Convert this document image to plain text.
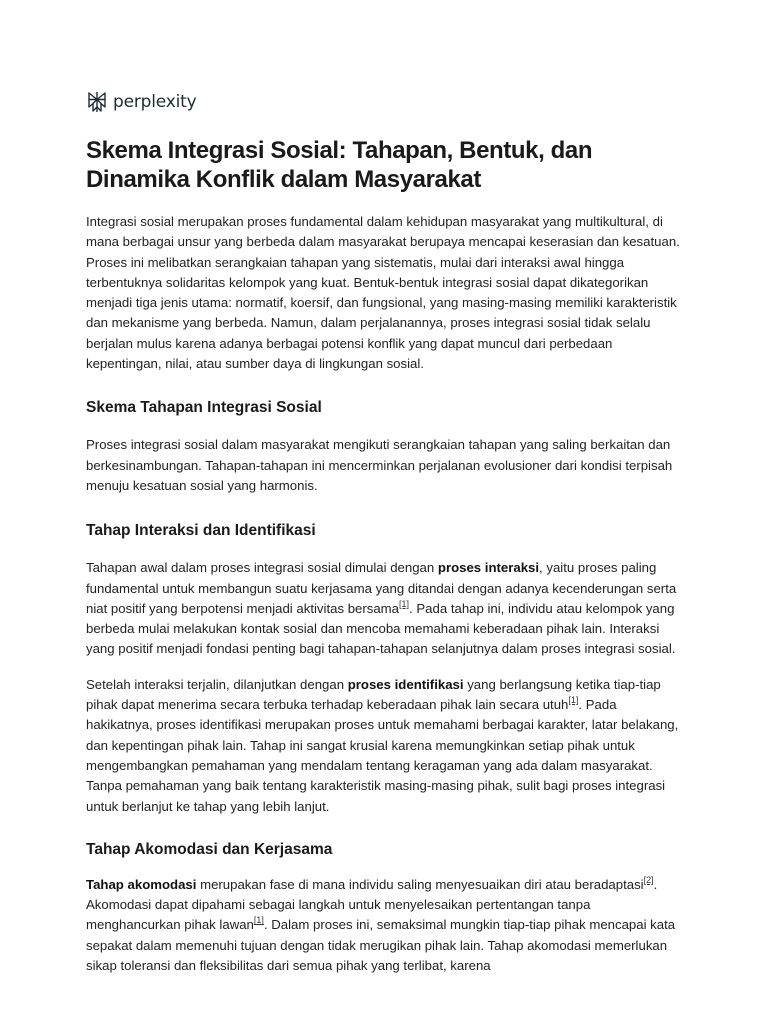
perplexity
Skema Integrasi Sosial: Tahapan, Bentuk, dan Dinamika Konflik dalam Masyarakat

Integrasi sosial merupakan proses fundamental dalam kehidupan masyarakat yang multikultural, di mana berbagai unsur yang berbeda dalam masyarakat berupaya mencapai keserasian dan kesatuan. Proses ini melibatkan serangkaian tahapan yang sistematis, mulai dari interaksi awal hingga terbentuknya solidaritas kelompok yang kuat. Bentuk-bentuk integrasi sosial dapat dikategorikan menjadi tiga jenis utama: normatif, koersif, dan fungsional, yang masing-masing memiliki karakteristik dan mekanisme yang berbeda. Namun, dalam perjalanannya, proses integrasi sosial tidak selalu berjalan mulus karena adanya berbagai potensi konflik yang dapat muncul dari perbedaan kepentingan, nilai, atau sumber daya di lingkungan sosial.

Skema Tahapan Integrasi Sosial

Proses integrasi sosial dalam masyarakat mengikuti serangkaian tahapan yang saling berkaitan dan berkesinambungan. Tahapan-tahapan ini mencerminkan perjalanan evolusioner dari kondisi terpisah menuju kesatuan sosial yang harmonis.

Tahap Interaksi dan Identifikasi

Tahapan awal dalam proses integrasi sosial dimulai dengan proses interaksi, yaitu proses paling fundamental untuk membangun suatu kerjasama yang ditandai dengan adanya kecenderungan serta niat positif yang berpotensi menjadi aktivitas bersama[1]. Pada tahap ini, individu atau kelompok yang berbeda mulai melakukan kontak sosial dan mencoba memahami keberadaan pihak lain. Interaksi yang positif menjadi fondasi penting bagi tahapan-tahapan selanjutnya dalam proses integrasi sosial.

Setelah interaksi terjalin, dilanjutkan dengan proses identifikasi yang berlangsung ketika tiap-tiap pihak dapat menerima secara terbuka terhadap keberadaan pihak lain secara utuh[1]. Pada hakikatnya, proses identifikasi merupakan proses untuk memahami berbagai karakter, latar belakang, dan kepentingan pihak lain. Tahap ini sangat krusial karena memungkinkan setiap pihak untuk mengembangkan pemahaman yang mendalam tentang keragaman yang ada dalam masyarakat. Tanpa pemahaman yang baik tentang karakteristik masing-masing pihak, sulit bagi proses integrasi untuk berlanjut ke tahap yang lebih lanjut.

Tahap Akomodasi dan Kerjasama

Tahap akomodasi merupakan fase di mana individu saling menyesuaikan diri atau beradaptasi[2]. Akomodasi dapat dipahami sebagai langkah untuk menyelesaikan pertentangan tanpa menghancurkan pihak lawan[1]. Dalam proses ini, semaksimal mungkin tiap-tiap pihak mencapai kata sepakat dalam memenuhi tujuan dengan tidak merugikan pihak lain. Tahap akomodasi memerlukan sikap toleransi dan fleksibilitas dari semua pihak yang terlibat, karena
